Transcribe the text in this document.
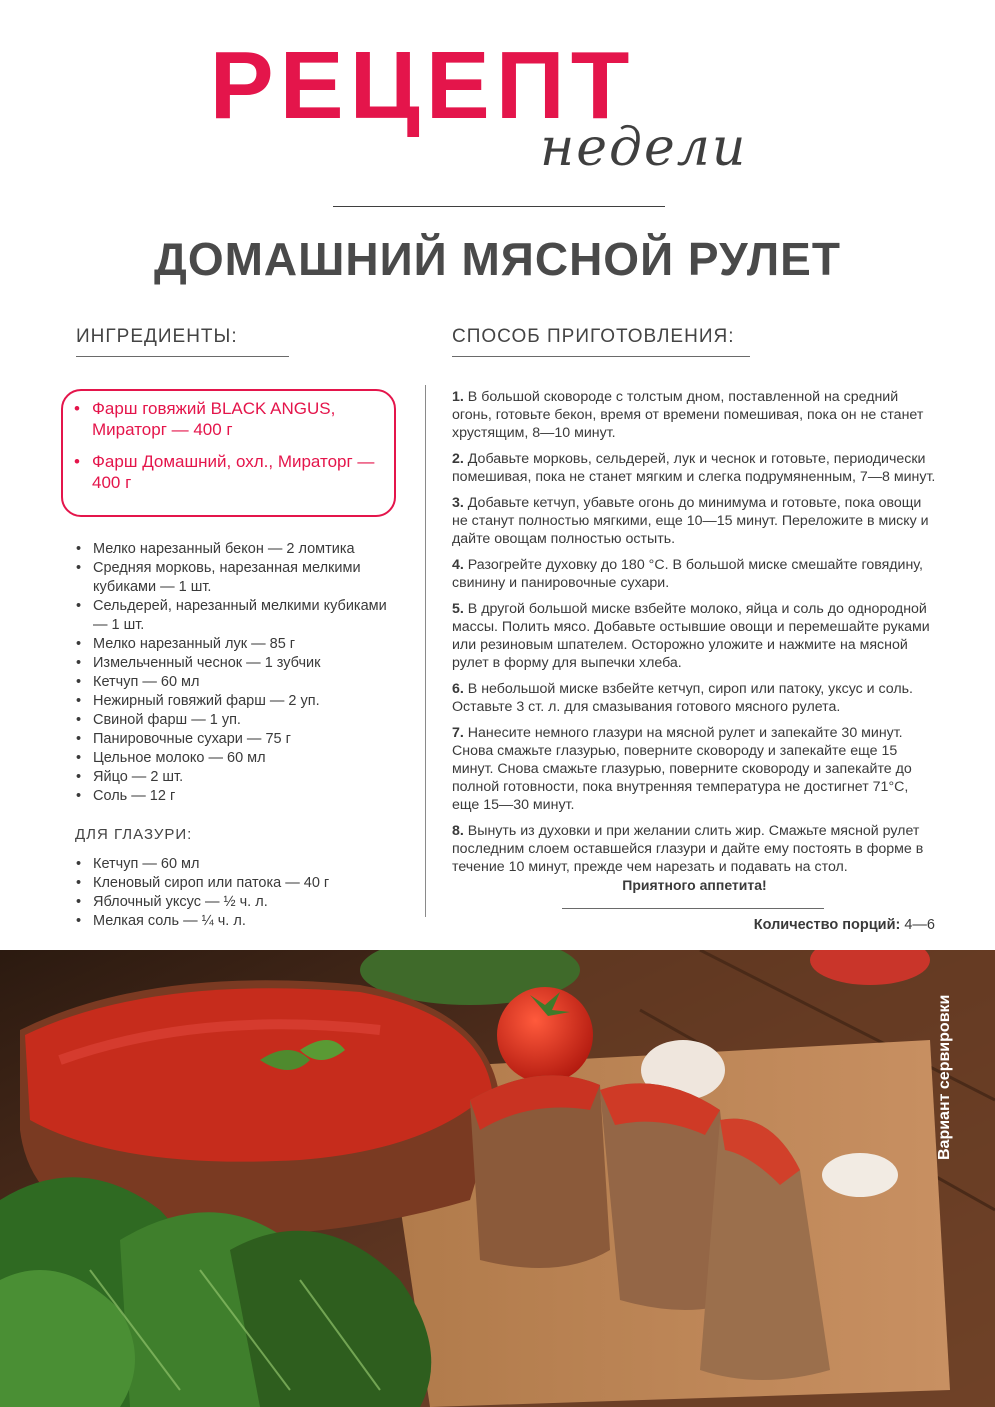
РЕЦЕПТ
недели
ДОМАШНИЙ МЯСНОЙ РУЛЕТ
ИНГРЕДИЕНТЫ:
• Фарш говяжий BLACK ANGUS, Мираторг — 400 г
• Фарш Домашний, охл., Мираторг — 400 г
• Мелко нарезанный бекон — 2 ломтика
• Средняя морковь, нарезанная мелкими кубиками — 1 шт.
• Сельдерей, нарезанный мелкими кубиками — 1 шт.
• Мелко нарезанный лук — 85 г
• Измельченный чеснок — 1 зубчик
• Кетчуп — 60 мл
• Нежирный говяжий фарш — 2 уп.
• Свиной фарш — 1 уп.
• Панировочные сухари — 75 г
• Цельное молоко — 60 мл
• Яйцо — 2 шт.
• Соль — 12 г
ДЛЯ ГЛАЗУРИ:
• Кетчуп — 60 мл
• Кленовый сироп или патока — 40 г
• Яблочный уксус — ½ ч. л.
• Мелкая соль — ¼ ч. л.
СПОСОБ ПРИГОТОВЛЕНИЯ:
1. В большой сковороде с толстым дном, поставленной на средний огонь, готовьте бекон, время от времени помешивая, пока он не станет хрустящим, 8—10 минут.
2. Добавьте морковь, сельдерей, лук и чеснок и готовьте, периодически помешивая, пока не станет мягким и слегка подрумяненным, 7—8 минут.
3. Добавьте кетчуп, убавьте огонь до минимума и готовьте, пока овощи не станут полностью мягкими, еще 10—15 минут. Переложите в миску и дайте овощам полностью остыть.
4. Разогрейте духовку до 180 °С. В большой миске смешайте говядину, свинину и панировочные сухари.
5. В другой большой миске взбейте молоко, яйца и соль до однородной массы. Полить мясо. Добавьте остывшие овощи и перемешайте руками или резиновым шпателем. Осторожно уложите и нажмите на мясной рулет в форму для выпечки хлеба.
6. В небольшой миске взбейте кетчуп, сироп или патоку, уксус и соль. Оставьте 3 ст. л. для смазывания готового мясного рулета.
7. Нанесите немного глазури на мясной рулет и запекайте 30 минут. Снова смажьте глазурью, поверните сковороду и запекайте еще 15 минут. Снова смажьте глазурью, поверните сковороду и запекайте до полной готовности, пока внутренняя температура не достигнет 71°С, еще 15—30 минут.
8. Вынуть из духовки и при желании слить жир. Смажьте мясной рулет последним слоем оставшейся глазури и дайте ему постоять в форме в течение 10 минут, прежде чем нарезать и подавать на стол.
Приятного аппетита!
Количество порций: 4—6
Вариант сервировки
